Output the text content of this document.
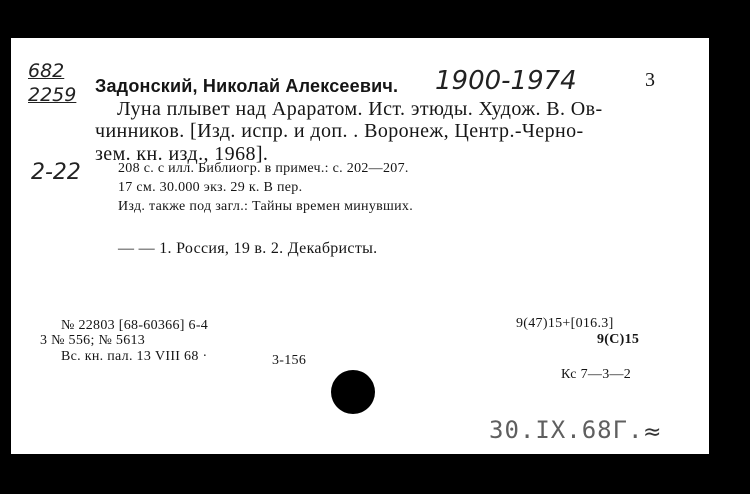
682
2259	1900-1974
2-22
3
Задонский, Николай Алексеевич.
Луна плывет над Араратом. Ист. этюды. Худож. В. Ов-
чинников. [Изд. испр. и доп. . Воронеж, Центр.-Черно-
зем. кн. изд., 1968].
208 с. с илл. Библиогр. в примеч.: с. 202—207.
17 см. 30.000 экз. 29 к. В пер.
Изд. также под загл.: Тайны времен минувших.
— — 1. Россия, 19 в. 2. Декабристы.
№ 22803 [68-60366] 6-4
3 № 556; № 5613
Вс. кн. пал. 13 VIII 68 ·	3-156
9(47)15+[016.3]
9(С)15
Кс 7—3—2
30.IX.68Г. ≈
